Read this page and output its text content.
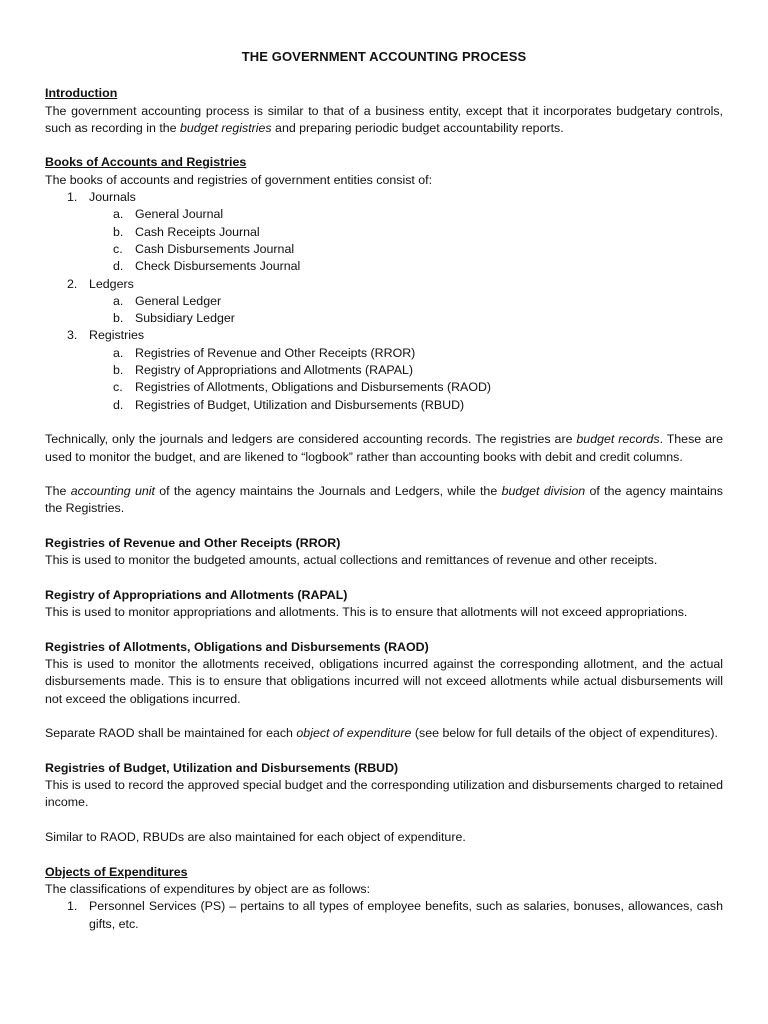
THE GOVERNMENT ACCOUNTING PROCESS

Introduction

The government accounting process is similar to that of a business entity, except that it incorporates budgetary controls, such as recording in the budget registries and preparing periodic budget accountability reports.

Books of Accounts and Registries

The books of accounts and registries of government entities consist of:

1. Journals
a. General Journal
b. Cash Receipts Journal
c. Cash Disbursements Journal
d. Check Disbursements Journal
2. Ledgers
a. General Ledger
b. Subsidiary Ledger
3. Registries
a. Registries of Revenue and Other Receipts (RROR)
b. Registry of Appropriations and Allotments (RAPAL)
c. Registries of Allotments, Obligations and Disbursements (RAOD)
d. Registries of Budget, Utilization and Disbursements (RBUD)

Technically, only the journals and ledgers are considered accounting records. The registries are budget records. These are used to monitor the budget, and are likened to “logbook” rather than accounting books with debit and credit columns.

The accounting unit of the agency maintains the Journals and Ledgers, while the budget division of the agency maintains the Registries.

Registries of Revenue and Other Receipts (RROR)

This is used to monitor the budgeted amounts, actual collections and remittances of revenue and other receipts.

Registry of Appropriations and Allotments (RAPAL)

This is used to monitor appropriations and allotments. This is to ensure that allotments will not exceed appropriations.

Registries of Allotments, Obligations and Disbursements (RAOD)

This is used to monitor the allotments received, obligations incurred against the corresponding allotment, and the actual disbursements made. This is to ensure that obligations incurred will not exceed allotments while actual disbursements will not exceed the obligations incurred.

Separate RAOD shall be maintained for each object of expenditure (see below for full details of the object of expenditures).

Registries of Budget, Utilization and Disbursements (RBUD)

This is used to record the approved special budget and the corresponding utilization and disbursements charged to retained income.

Similar to RAOD, RBUDs are also maintained for each object of expenditure.

Objects of Expenditures

The classifications of expenditures by object are as follows:

1. Personnel Services (PS) – pertains to all types of employee benefits, such as salaries, bonuses, allowances, cash gifts, etc.
